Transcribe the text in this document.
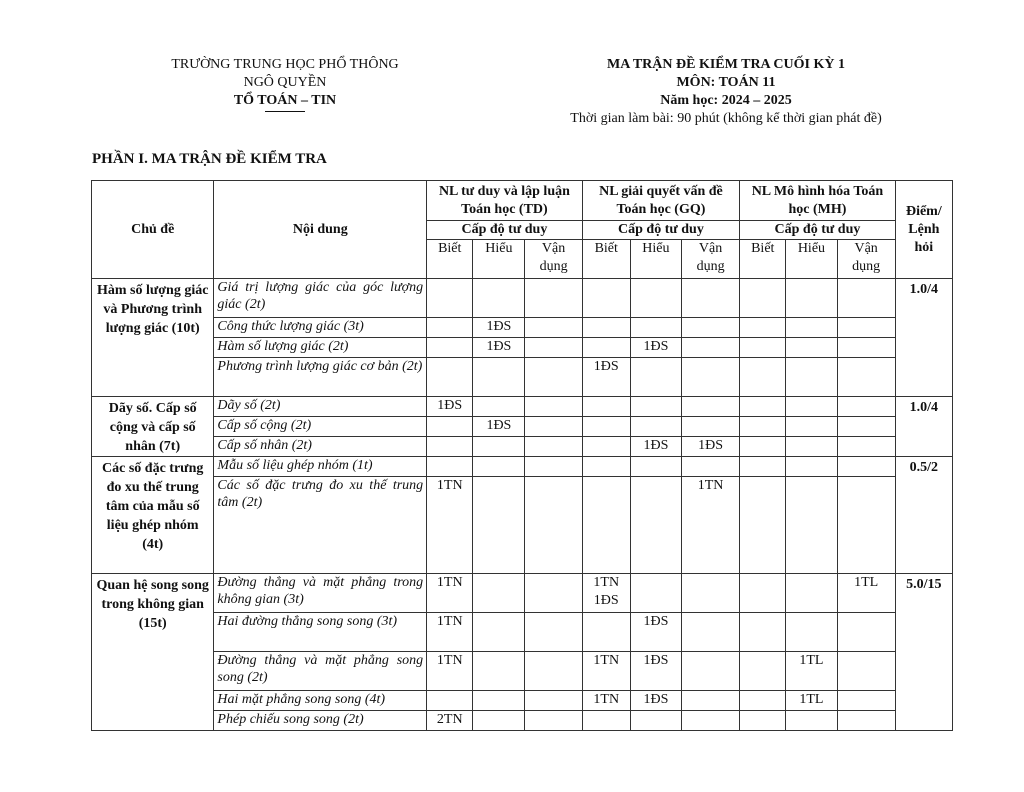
TRƯỜNG TRUNG HỌC PHỔ THÔNG
NGÔ QUYỀN
TỔ TOÁN – TIN
MA TRẬN ĐỀ KIỂM TRA CUỐI KỲ 1
MÔN: TOÁN 11
Năm học: 2024 – 2025
Thời gian làm bài: 90 phút (không kể thời gian phát đề)
PHẦN I. MA TRẬN ĐỀ KIỂM TRA
Chủ đề	Nội dung	NL tư duy và lập luận Toán học (TD)			NL giải quyết vấn đề Toán học (GQ)			NL Mô hình hóa Toán học (MH)			Điểm/ Lệnh hỏi
		Cấp độ tư duy			Cấp độ tư duy			Cấp độ tư duy			
		Biết	Hiểu	Vận dụng	Biết	Hiểu	Vận dụng	Biết	Hiểu	Vận dụng	
Hàm số lượng giác và Phương trình lượng giác (10t)	Giá trị lượng giác của góc lượng giác (2t)										1.0/4
	Công thức lượng giác (3t)		1ĐS								
	Hàm số lượng giác (2t)		1ĐS			1ĐS					
	Phương trình lượng giác cơ bản (2t)				1ĐS						
Dãy số. Cấp số cộng và cấp số nhân (7t)	Dãy số (2t)	1ĐS									1.0/4
	Cấp số cộng (2t)		1ĐS								
	Cấp số nhân (2t)					1ĐS	1ĐS				
Các số đặc trưng đo xu thế trung tâm của mẫu số liệu ghép nhóm (4t)	Mẫu số liệu ghép nhóm (1t)										0.5/2
	Các số đặc trưng đo xu thế trung tâm (2t)	1TN					1TN				
Quan hệ song song trong không gian (15t)	Đường thẳng và mặt phẳng trong không gian (3t)	1TN			1TN 1ĐS					1TL	5.0/15
	Hai đường thẳng song song (3t)	1TN				1ĐS					
	Đường thẳng và mặt phẳng song song (2t)	1TN			1TN	1ĐS			1TL		
	Hai mặt phẳng song song (4t)				1TN	1ĐS			1TL		
	Phép chiếu song song (2t)	2TN									
